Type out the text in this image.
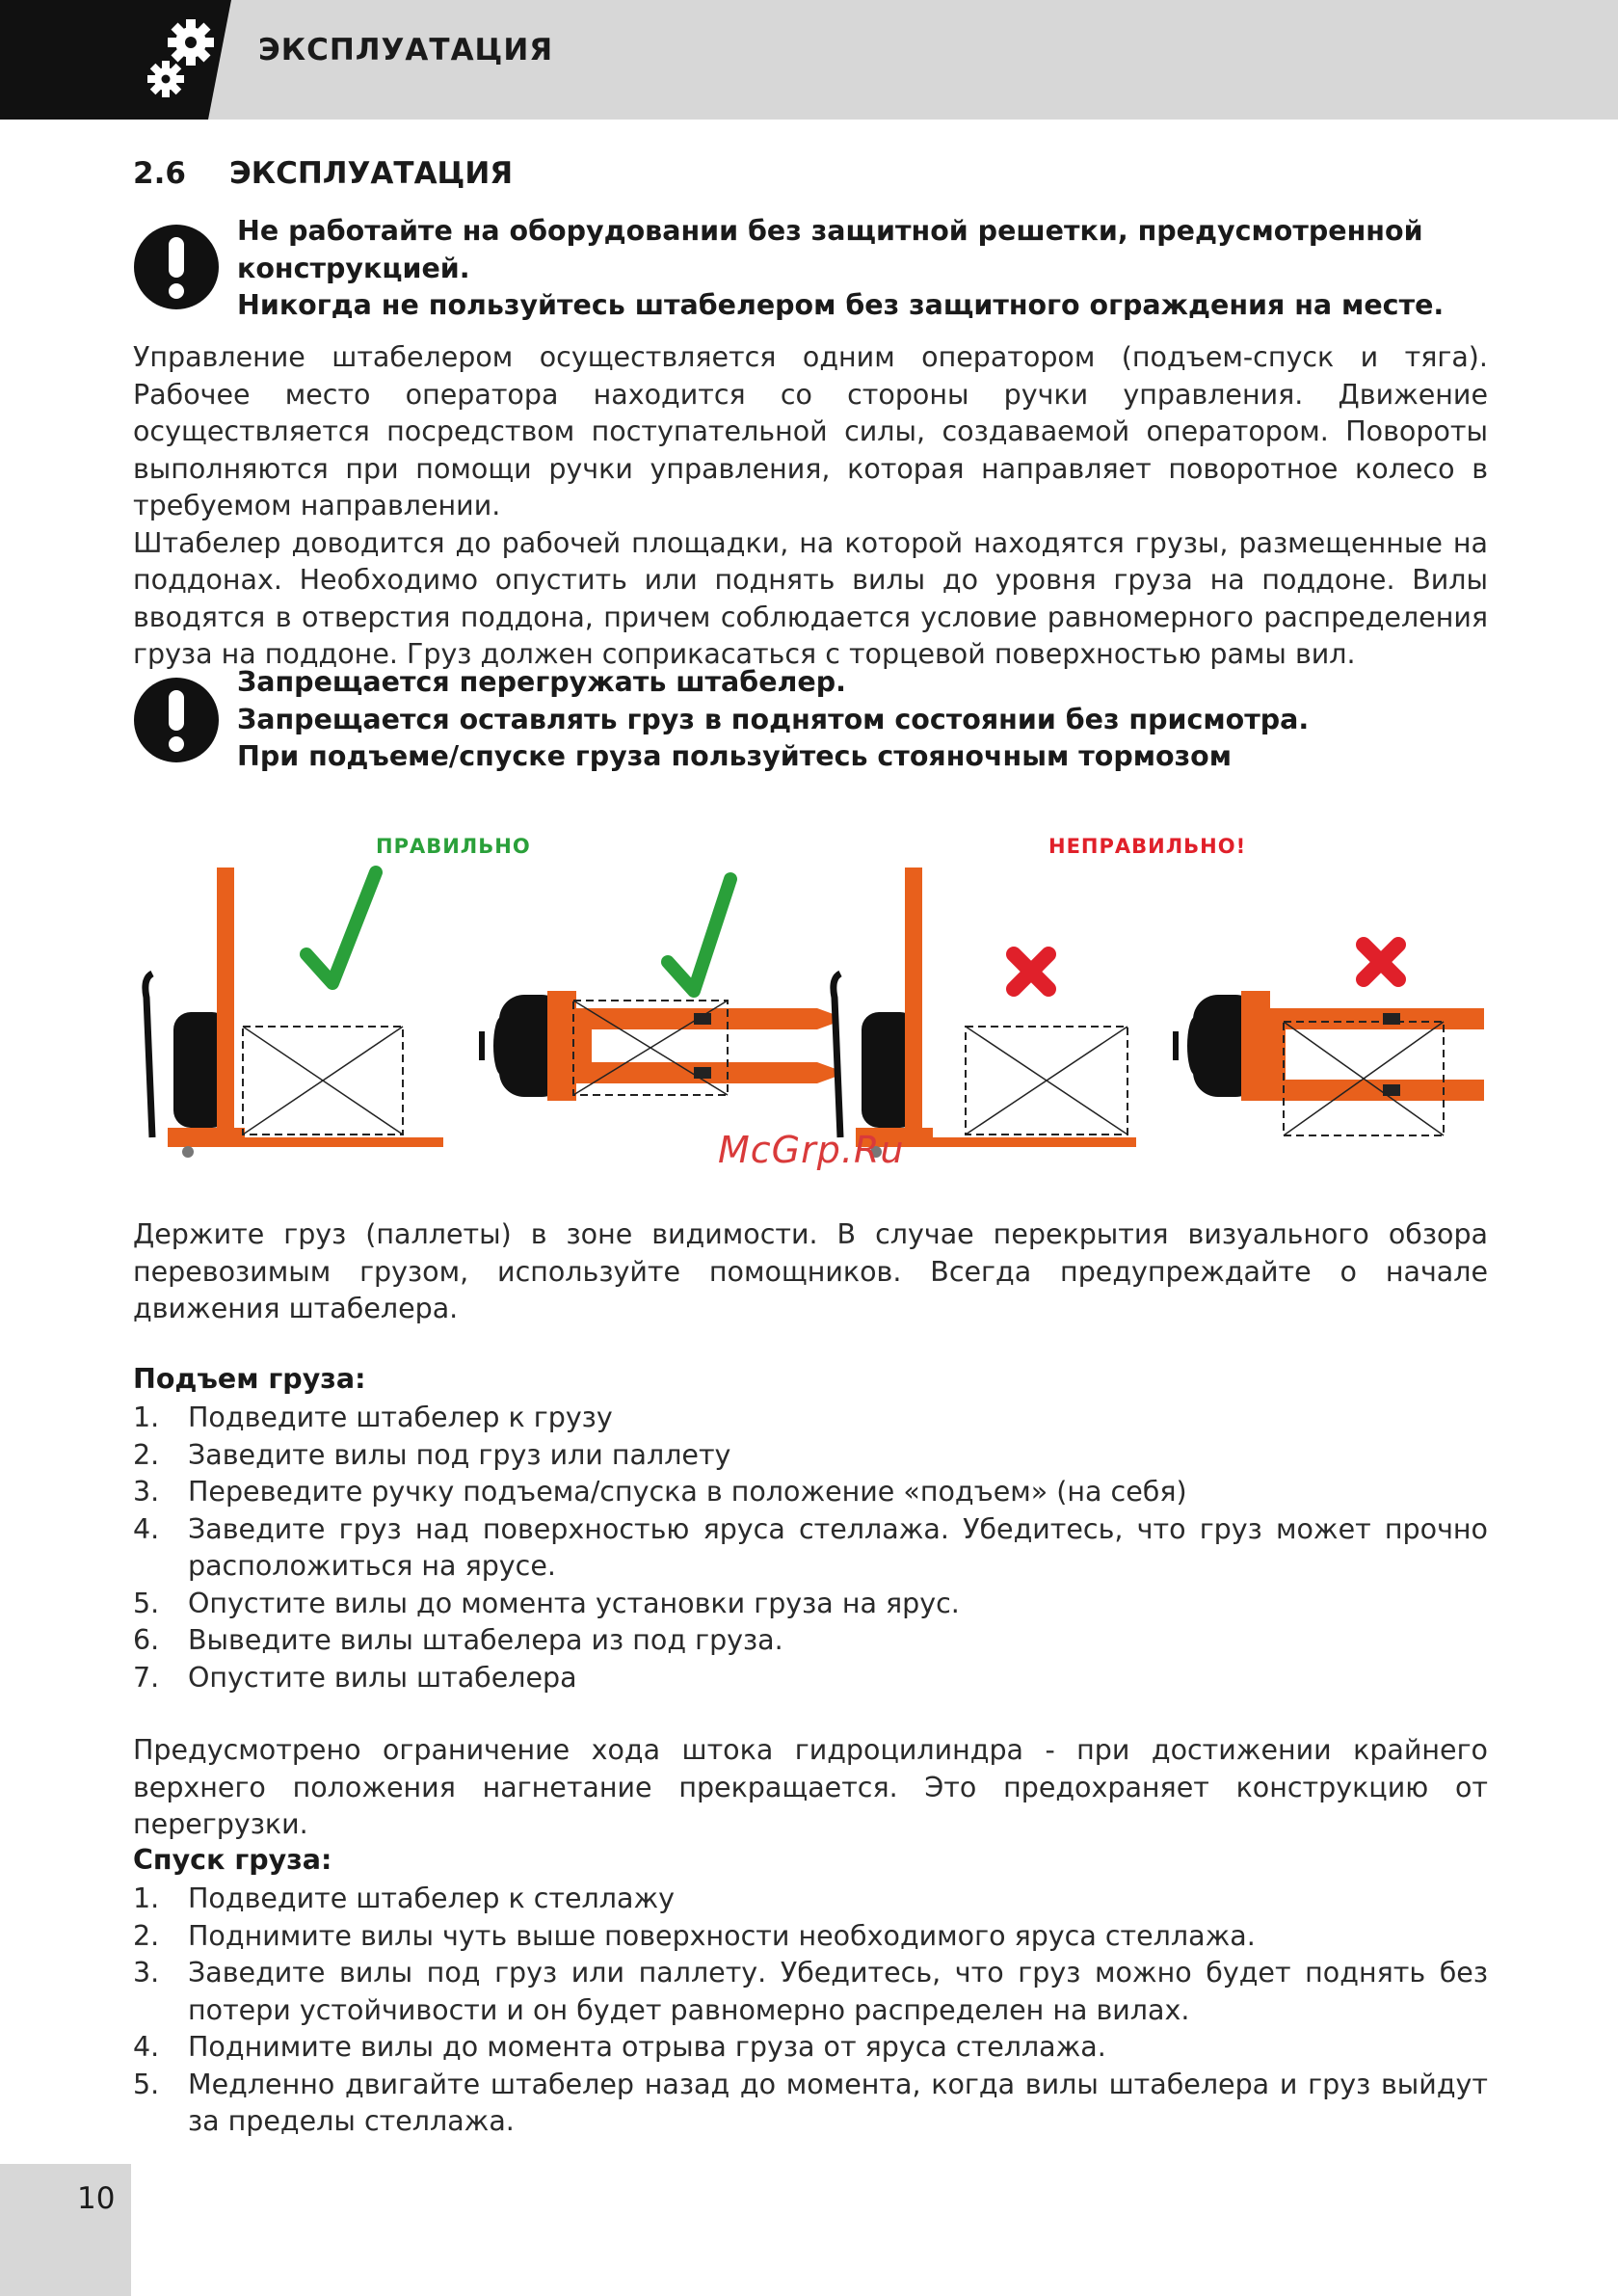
ЭКСПЛУАТАЦИЯ
2.6 ЭКСПЛУАТАЦИЯ
Не работайте на оборудовании без защитной решетки, предусмотренной
конструкцией.
Никогда не пользуйтесь штабелером без защитного ограждения на месте.

Управление штабелером осуществляется одним оператором (подъем-спуск и тяга). Рабочее место оператора находится со стороны ручки управления. Движение осуществляется посредством поступательной силы, создаваемой оператором. Повороты выполняются при помощи ручки управления, которая направляет поворотное колесо в требуемом направлении.

Штабелер доводится до рабочей площадки, на которой находятся грузы, размещенные на поддонах. Необходимо опустить или поднять вилы до уровня груза на поддоне. Вилы вводятся в отверстия поддона, причем соблюдается условие равномерного распределения груза на поддоне. Груз должен соприкасаться с торцевой поверхностью рамы вил.

Запрещается перегружать штабелер.
Запрещается оставлять груз в поднятом состоянии без присмотра.
При подъеме/спуске груза пользуйтесь стояночным тормозом
ПРАВИЛЬНО	НЕПРАВИЛЬНО!
McGrp.Ru

Держите груз (паллеты) в зоне видимости. В случае перекрытия визуального обзора перевозимым грузом, используйте помощников. Всегда предупреждайте о начале движения штабелера.

Подъем груза:
1. Подведите штабелер к грузу
2. Заведите вилы под груз или паллету
3. Переведите ручку подъема/спуска в положение «подъем» (на себя)
4. Заведите груз над поверхностью яруса стеллажа. Убедитесь, что груз может прочно расположиться на ярусе.
5. Опустите вилы до момента установки груза на ярус.
6. Выведите вилы штабелера из под груза.
7. Опустите вилы штабелера

Предусмотрено ограничение хода штока гидроцилиндра - при достижении крайнего верхнего положения нагнетание прекращается. Это предохраняет конструкцию от перегрузки.

Спуск груза:
1. Подведите штабелер к стеллажу
2. Поднимите вилы чуть выше поверхности необходимого яруса стеллажа.
3. Заведите вилы под груз или паллету. Убедитесь, что груз можно будет поднять без потери устойчивости и он будет равномерно распределен на вилах.
4. Поднимите вилы до момента отрыва груза от яруса стеллажа.
5. Медленно двигайте штабелер назад до момента, когда вилы штабелера и груз выйдут за пределы стеллажа.
10
